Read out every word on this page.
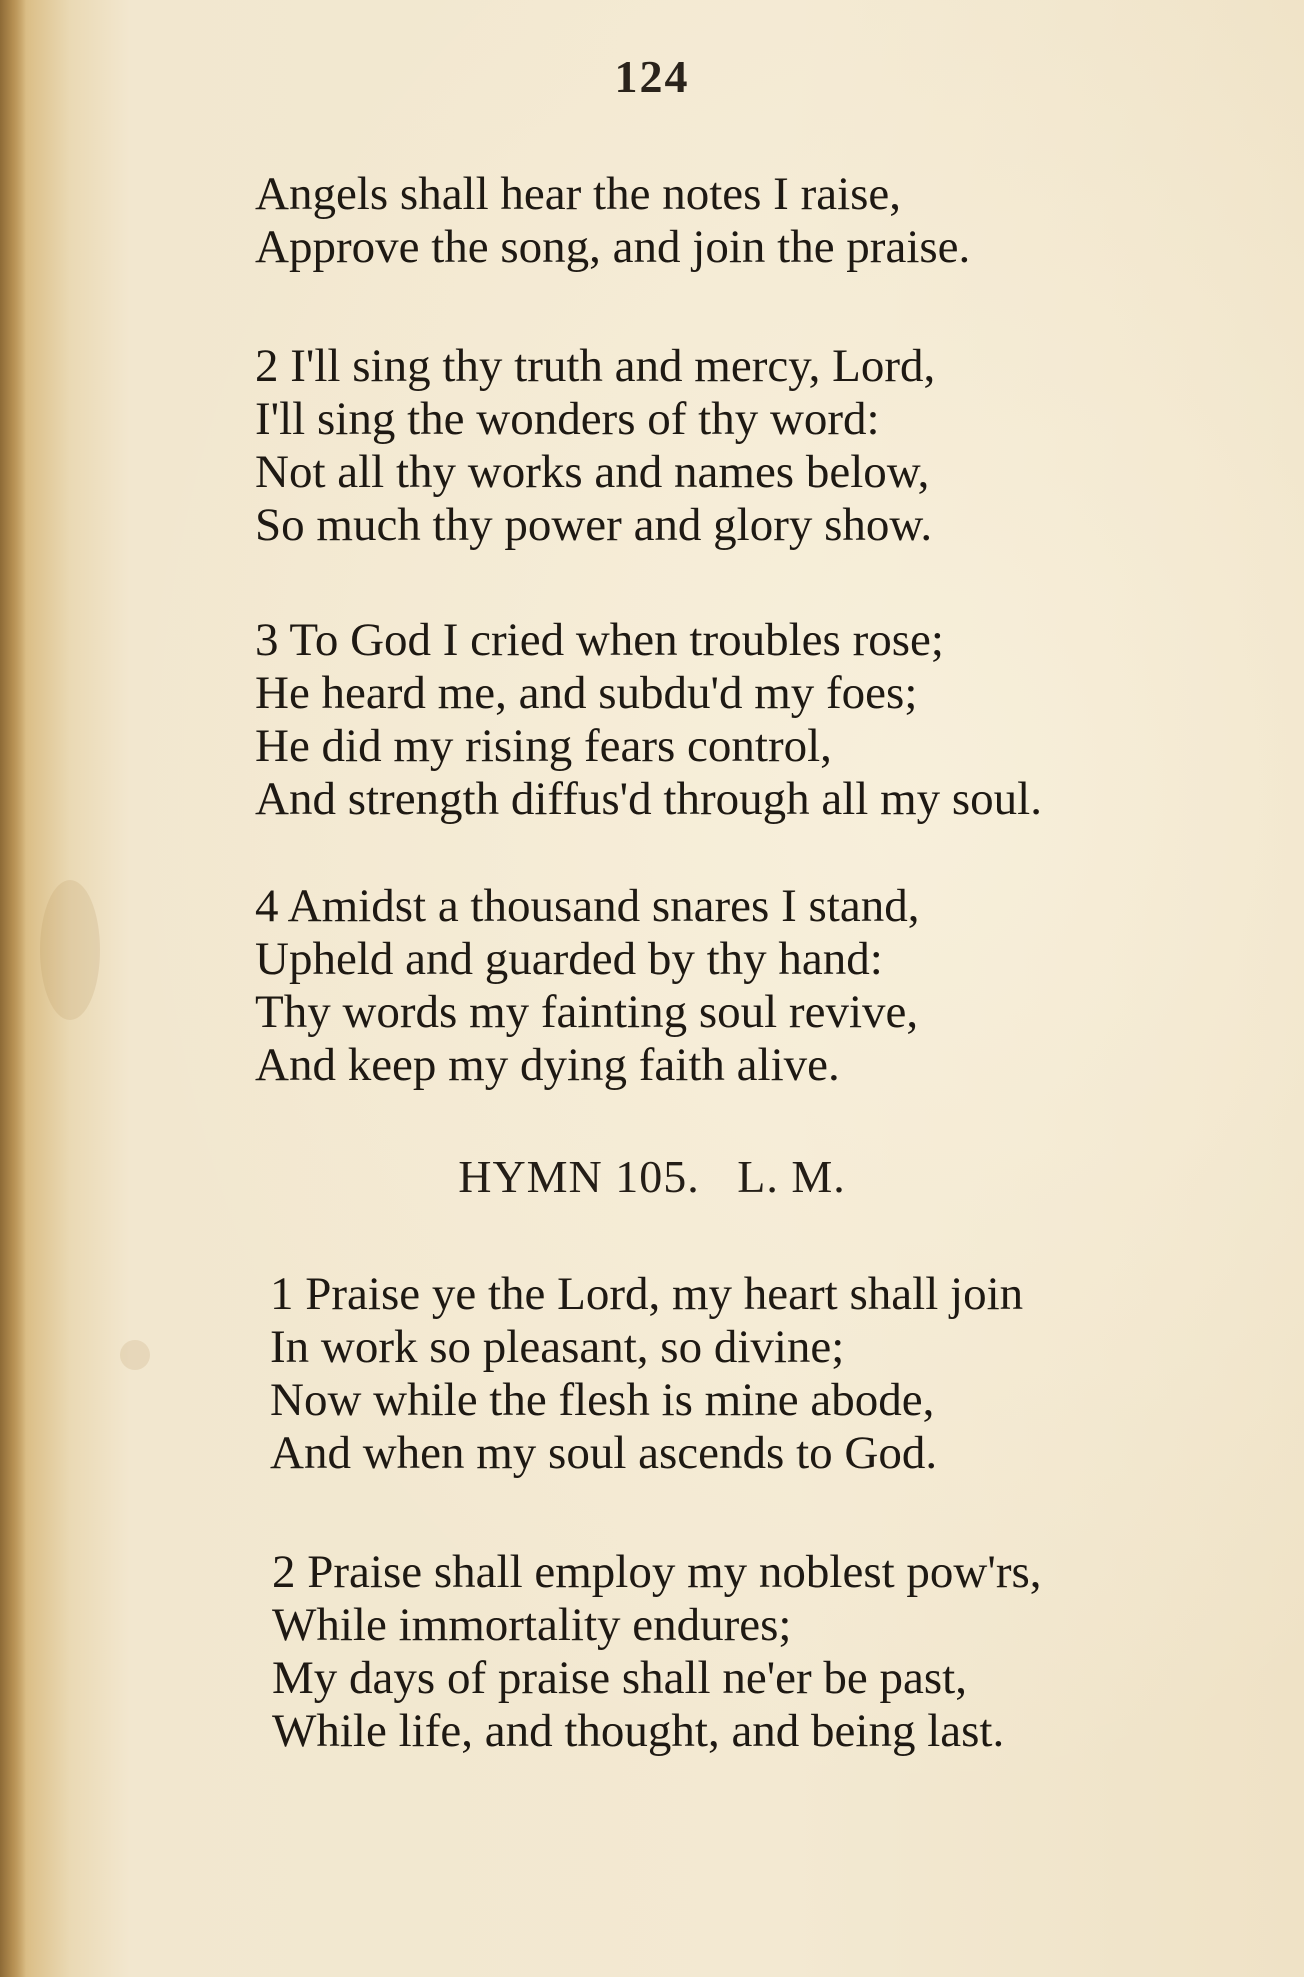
124
Angels shall hear the notes I raise,
Approve the song, and join the praise.
2 I'll sing thy truth and mercy, Lord,
I'll sing the wonders of thy word:
Not all thy works and names below,
So much thy power and glory show.
3 To God I cried when troubles rose;
He heard me, and subdu'd my foes;
He did my rising fears control,
And strength diffus'd through all my soul.
4 Amidst a thousand snares I stand,
Upheld and guarded by thy hand:
Thy words my fainting soul revive,
And keep my dying faith alive.
HYMN 105.   L. M.
1 Praise ye the Lord, my heart shall join
In work so pleasant, so divine;
Now while the flesh is mine abode,
And when my soul ascends to God.
2 Praise shall employ my noblest pow'rs,
While immortality endures;
My days of praise shall ne'er be past,
While life, and thought, and being last.
